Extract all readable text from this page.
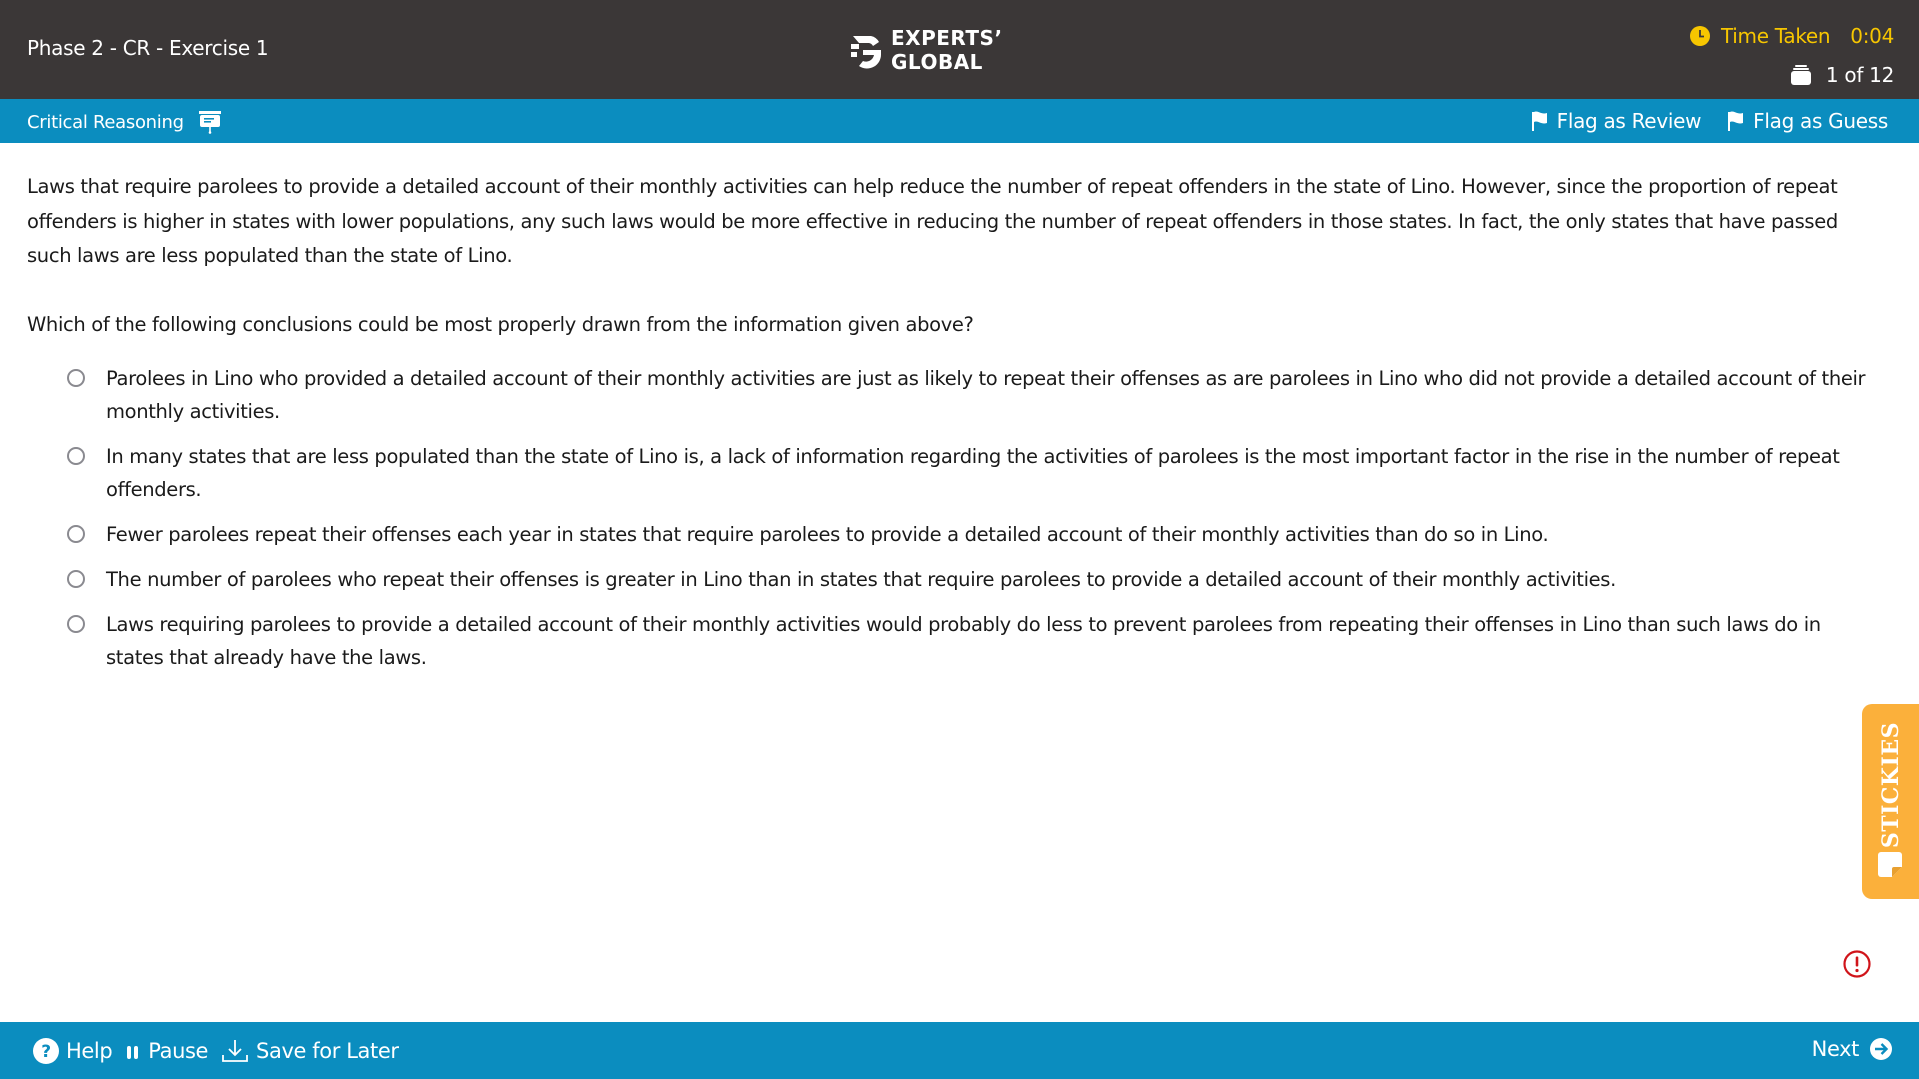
Phase 2 - CR - Exercise 1	EXPERTS’
GLOBAL
Time Taken 0:04
1 of 12
Critical Reasoning	Flag as Review	Flag as Guess

Laws that require parolees to provide a detailed account of their monthly activities can help reduce the number of repeat offenders in the state of Lino. However, since the proportion of repeat offenders is higher in states with lower populations, any such laws would be more effective in reducing the number of repeat offenders in those states. In fact, the only states that have passed such laws are less populated than the state of Lino.

Which of the following conclusions could be most properly drawn from the information given above?

Parolees in Lino who provided a detailed account of their monthly activities are just as likely to repeat their offenses as are parolees in Lino who did not provide a detailed account of their monthly activities.
In many states that are less populated than the state of Lino is, a lack of information regarding the activities of parolees is the most important factor in the rise in the number of repeat offenders.
Fewer parolees repeat their offenses each year in states that require parolees to provide a detailed account of their monthly activities than do so in Lino.
The number of parolees who repeat their offenses is greater in Lino than in states that require parolees to provide a detailed account of their monthly activities.
Laws requiring parolees to provide a detailed account of their monthly activities would probably do less to prevent parolees from repeating their offenses in Lino than such laws do in states that already have the laws.
STICKIES
? Help Pause Save for Later	Next
